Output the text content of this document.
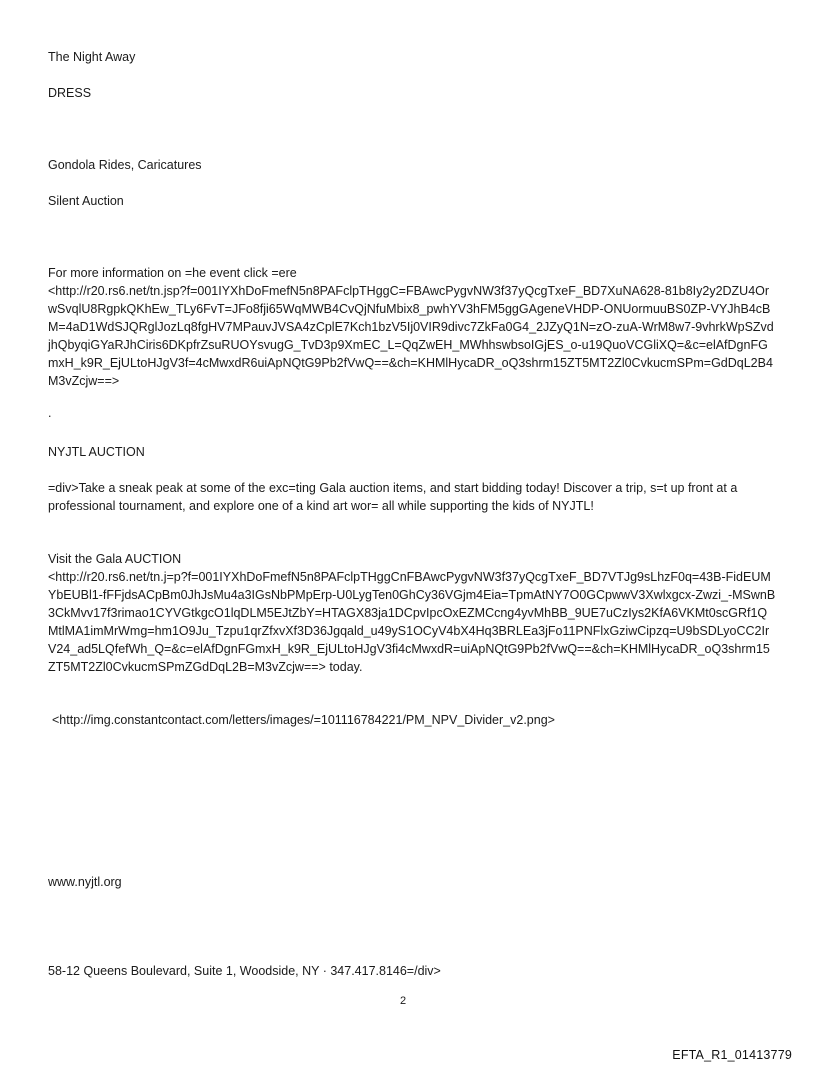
The Night Away
DRESS
Gondola Rides, Caricatures
Silent Auction
For more information on =he event click =ere
<http://r20.rs6.net/tn.jsp?f=001IYXhDoFmefN5n8PAFclpTHggC=FBAwcPygvNW3f37yQcgTxeF_BD7XuNA628-81b8Iy2y2DZU4OrwSvqlU8RgpkQKhEw_TLy6FvT=JFo8fji65WqMWB4CvQjNfuMbix8_pwhYV3hFM5ggGAgeneVHDP-ONUormuuBS0ZP-VYJhB4cBM=4aD1WdSJQRglJozLq8fgHV7MPauvJVSA4zCplE7Kch1bzV5Ij0VIR9divc7ZkFa0G4_2JZyQ1N=zO-zuA-WrM8w7-9vhrkWpSZvdjhQbyqiGYaRJhCiris6DKpfrZsuRUOYsvugG_TvD3p9XmEC_L=QqZwEH_MWhhswbsoIGjES_o-u19QuoVCGliXQ=&c=elAfDgnFGmxH_k9R_EjULtoHJgV3f=4cMwxdR6uiApNQtG9Pb2fVwQ==&ch=KHMlHycaDR_oQ3shrm15ZT5MT2Zl0CvkucmSPm=GdDqL2B4M3vZcjw==>
.
NYJTL AUCTION
=div>Take a sneak peak at some of the exc=ting Gala auction items, and start bidding today! Discover a trip, s=t up front at a professional tournament, and explore one of a kind art wor= all while supporting the kids of NYJTL!
Visit the Gala AUCTION
<http://r20.rs6.net/tn.j=p?f=001IYXhDoFmefN5n8PAFclpTHggCnFBAwcPygvNW3f37yQcgTxeF_BD7VTJg9sLhzF0q=43B-FidEUMYbEUBl1-fFFjdsACpBm0JhJsMu4a3IGsNbPMpErp-U0LygTen0GhCy36VGjm4Eia=TpmAtNY7O0GCpwwV3Xwlxgcx-Zwzi_-MSwnB3CkMvv17f3rimao1CYVGtkgcO1lqDLM5EJtZbY=HTAGX83ja1DCpvIpcOxEZMCcng4yvMhBB_9UE7uCzIys2KfA6VKMt0scGRf1QMtlMA1imMrWmg=hm1O9Ju_Tzpu1qrZfxvXf3D36Jgqald_u49yS1OCyV4bX4Hq3BRLEa3jFo11PNFlxGziwCipzq=U9bSDLyoCC2IrV24_ad5LQfefWh_Q=&c=elAfDgnFGmxH_k9R_EjULtoHJgV3fi4cMwxdR=uiApNQtG9Pb2fVwQ==&ch=KHMlHycaDR_oQ3shrm15ZT5MT2Zl0CvkucmSPmZGdDqL2B=M3vZcjw==> today.
<http://img.constantcontact.com/letters/images/=101116784221/PM_NPV_Divider_v2.png>
www.nyjtl.org
58-12 Queens Boulevard, Suite 1, Woodside, NY · 347.417.8146=/div>
2
EFTA_R1_01413779
